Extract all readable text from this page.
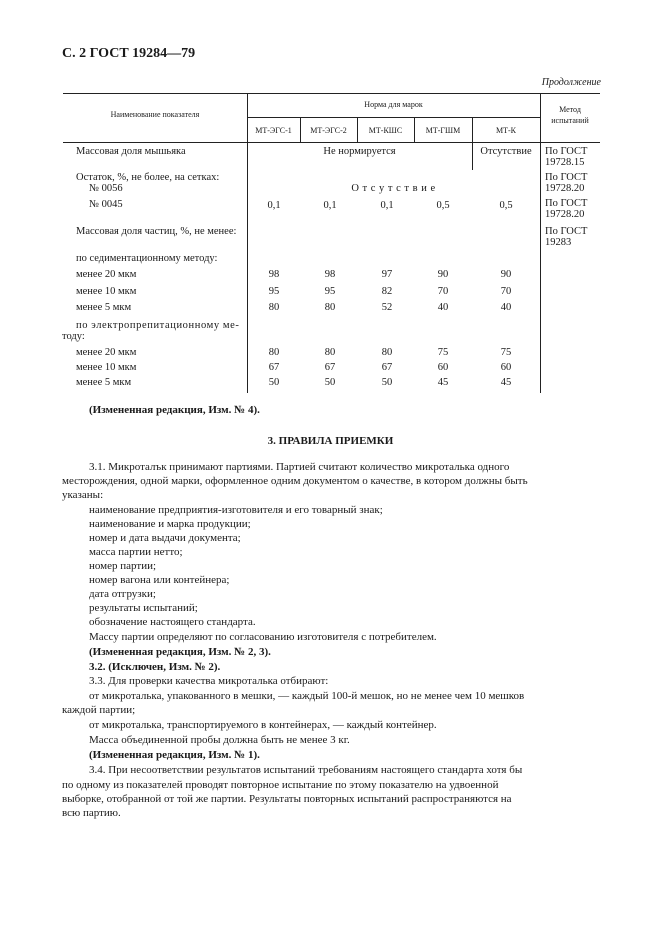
С. 2 ГОСТ 19284—79
Продолжение
Наименование показателя
Норма для марок
Метод
испытаний
МТ-ЭГС-1	МТ-ЭГС-2	МТ-КШС	МТ-ГШМ	МТ-К
Массовая доля мышьяка	Не нормируется	Отсутствие	По ГОСТ
19728.15
Остаток, %, не более, на сетках:
№ 0056	О т с у т с т в и е
По ГОСТ
19728.20
№ 0045	0,1	0,1	0,1	0,5	0,5	По ГОСТ
19728.20
Массовая доля частиц, %, не менее:	По ГОСТ
19283
по седиментационному методу:
менее 20 мкм	98	98	97	90	90
менее 10 мкм	95	95	82	70	70
менее 5 мкм	80	80	52	40	40
по электропрепитационному ме-
тоду:
менее 20 мкм	80	80	80	75	75
менее 10 мкм	67	67	67	60	60
менее 5 мкм	50	50	50	45	45
(Измененная редакция, Изм. № 4).
3. ПРАВИЛА ПРИЕМКИ
3.1. Микроталък принимают партиями. Партией считают количество микроталька одного
месторождения, одной марки, оформленное одним документом о качестве, в котором должны быть
указаны:
наименование предприятия-изготовителя и его товарный знак;
наименование и марка продукции;
номер и дата выдачи документа;
масса партии нетто;
номер партии;
номер вагона или контейнера;
дата отгрузки;
результаты испытаний;
обозначение настоящего стандарта.
Массу партии определяют по согласованию изготовителя с потребителем.
(Измененная редакция, Изм. № 2, 3).
3.2. (Исключен, Изм. № 2).
3.3. Для проверки качества микроталька отбирают:
от микроталька, упакованного в мешки, — каждый 100-й мешок, но не менее чем 10 мешков
каждой партии;
от микроталька, транспортируемого в контейнерах, — каждый контейнер.
Масса объединенной пробы должна быть не менее 3 кг.
(Измененная редакция, Изм. № 1).
3.4. При несоответствии результатов испытаний требованиям настоящего стандарта хотя бы
по одному из показателей проводят повторное испытание по этому показателю на удвоенной
выборке, отобранной от той же партии. Результаты повторных испытаний распространяются на
всю партию.
